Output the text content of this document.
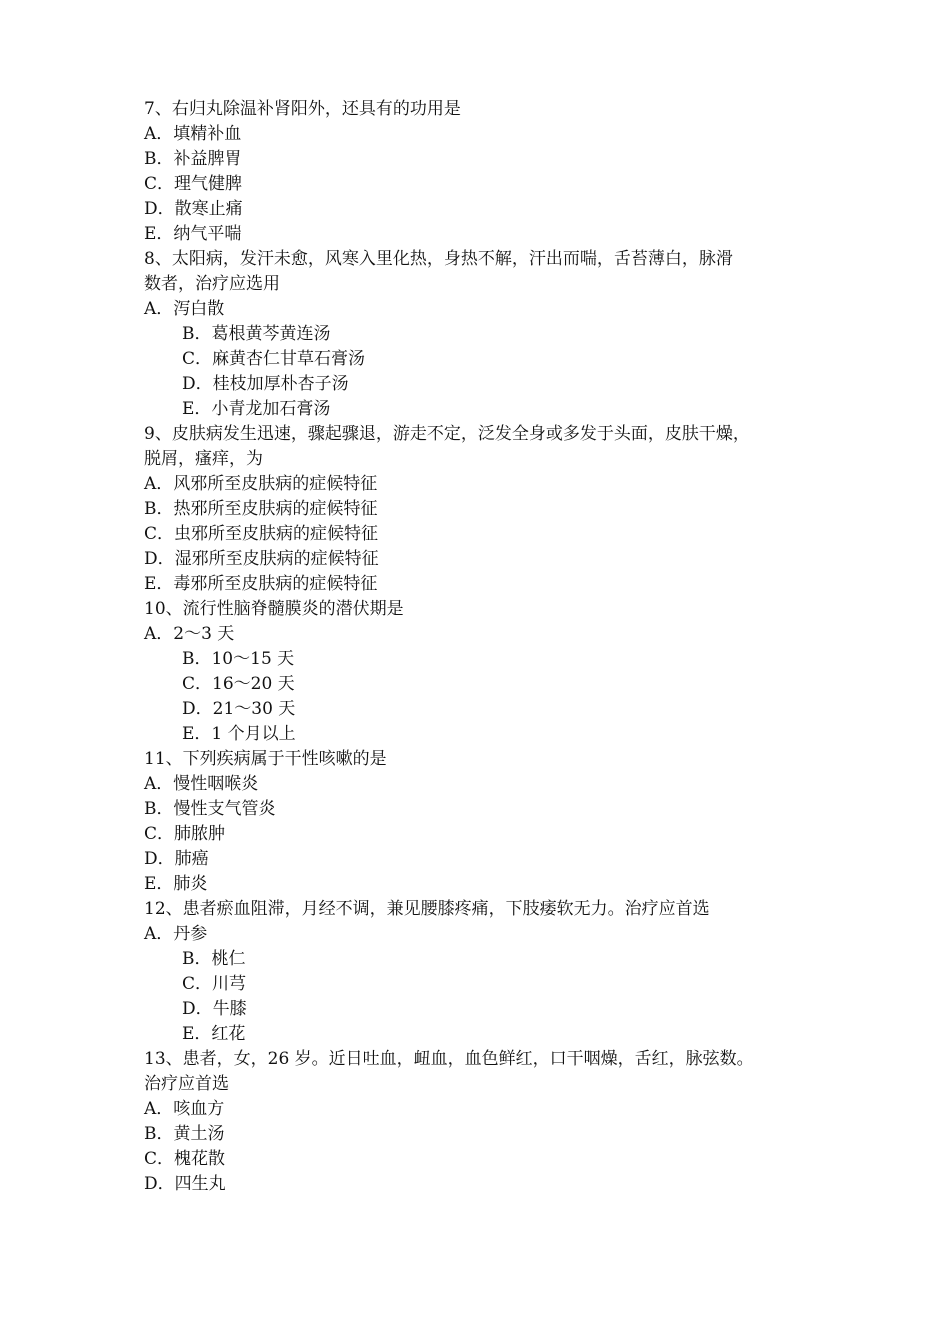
7、右归丸除温补肾阳外，还具有的功用是
A．填精补血
B．补益脾胃
C．理气健脾
D．散寒止痛
E．纳气平喘
8、太阳病，发汗未愈，风寒入里化热，身热不解，汗出而喘，舌苔薄白，脉滑
数者，治疗应选用
A．泻白散
B．葛根黄芩黄连汤
C．麻黄杏仁甘草石膏汤
D．桂枝加厚朴杏子汤
E．小青龙加石膏汤
9、皮肤病发生迅速，骤起骤退，游走不定，泛发全身或多发于头面，皮肤干燥，
脱屑，瘙痒，为
A．风邪所至皮肤病的症候特征
B．热邪所至皮肤病的症候特征
C．虫邪所至皮肤病的症候特征
D．湿邪所至皮肤病的症候特征
E．毒邪所至皮肤病的症候特征
10、流行性脑脊髓膜炎的潜伏期是
A．2～3 天
B．10～15 天
C．16～20 天
D．21～30 天
E．1 个月以上
11、下列疾病属于干性咳嗽的是
A．慢性咽喉炎
B．慢性支气管炎
C．肺脓肿
D．肺癌
E．肺炎
12、患者瘀血阻滞，月经不调，兼见腰膝疼痛，下肢痿软无力。治疗应首选
A．丹参
B．桃仁
C．川芎
D．牛膝
E．红花
13、患者，女，26 岁。近日吐血，衄血，血色鲜红，口干咽燥，舌红，脉弦数。
治疗应首选
A．咳血方
B．黄土汤
C．槐花散
D．四生丸
